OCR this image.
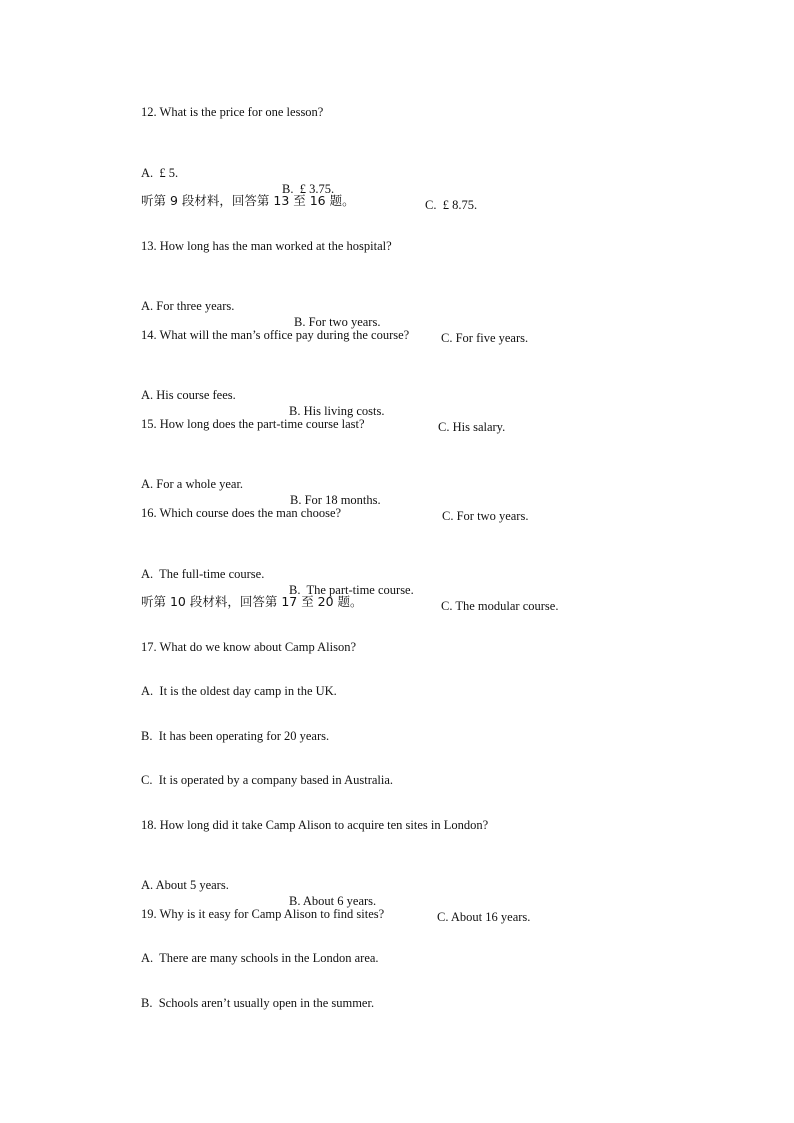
12. What is the price for one lesson?

A.  £ 5.

B.  £ 3.75.

C.  £ 8.75.

听第 9 段材料，回答第 13 至 16 题。
13. How long has the man worked at the hospital?

A. For three years.

B. For two years.

C. For five years.

14. What will the man’s office pay during the course?

A. His course fees.

B. His living costs.

C. His salary.

15. How long does the part-time course last?

A. For a whole year.

B. For 18 months.

C. For two years.

16. Which course does the man choose?

A.  The full-time course.

B.  The part-time course.

C. The modular course.

听第 10 段材料，回答第 17 至 20 题。
17. What do we know about Camp Alison?
A.  It is the oldest day camp in the UK.
B.  It has been operating for 20 years.
C.  It is operated by a company based in Australia.
18. How long did it take Camp Alison to acquire ten sites in London?

A. About 5 years.

B. About 6 years.

C. About 16 years.

19. Why is it easy for Camp Alison to find sites?
A.  There are many schools in the London area.
B.  Schools aren’t usually open in the summer.
